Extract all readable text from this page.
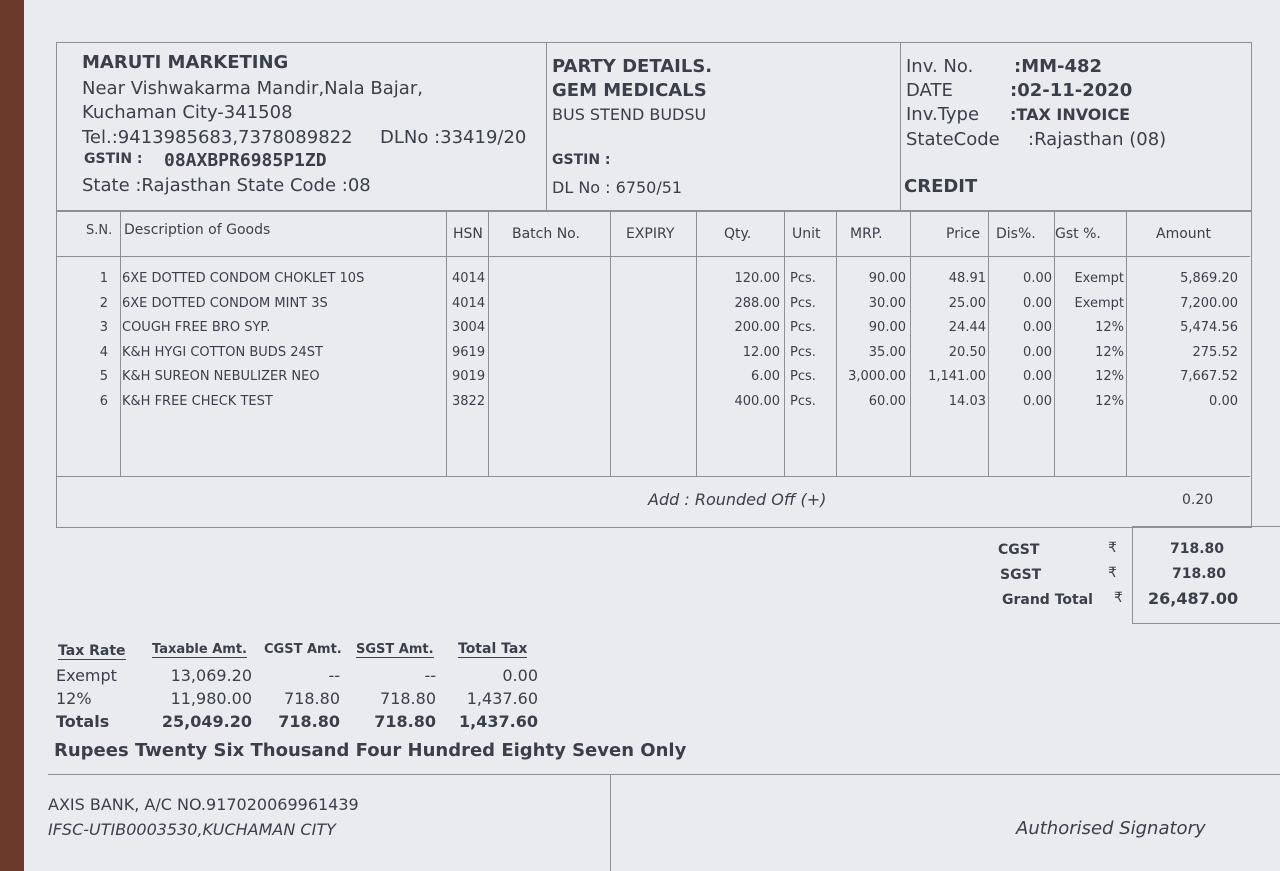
MARUTI MARKETING
Near Vishwakarma Mandir,Nala Bajar,
Kuchaman City-341508
Tel.:9413985683,7378089822 DLNo :33419/20
GSTIN : 08AXBPR6985P1ZD
State :Rajasthan State Code :08
PARTY DETAILS.
GEM MEDICALS
BUS STEND BUDSU
GSTIN :
DL No : 6750/51
Inv. No. :MM-482
DATE	:02-11-2020
Inv.Type :TAX INVOICE
StateCode :Rajasthan (08)
CREDIT
S.N. Description of Goods	HSN Batch No.	EXPIRY	Qty.	Unit MRP.	Price Dis%. Gst %.	Amount
1 6XE DOTTED CONDOM CHOKLET 10S	4014	120.00 Pcs.	90.00	48.91	0.00	Exempt	5,869.20
2 6XE DOTTED CONDOM MINT 3S	4014	288.00 Pcs.	30.00	25.00	0.00	Exempt	7,200.00
3 COUGH FREE BRO SYP.	3004	200.00 Pcs.	90.00	24.44	0.00	12%	5,474.56
4 K&H HYGI COTTON BUDS 24ST	9619	12.00 Pcs.	35.00	20.50	0.00	12%	275.52
5 K&H SUREON NEBULIZER NEO	9019	6.00 Pcs.	3,000.00	1,141.00	0.00	12%	7,667.52
6 K&H FREE CHECK TEST	3822	400.00 Pcs.	60.00	14.03	0.00	12%	0.00
Add : Rounded Off (+)	0.20
CGST	₹	718.80
SGST	₹	718.80
Grand Total ₹ 26,487.00
Tax Rate Taxable Amt. CGST Amt. SGST Amt. Total Tax
Exempt	13,069.20	--	--	0.00
12%	11,980.00	718.80	718.80	1,437.60
Totals	25,049.20	718.80	718.80	1,437.60
Rupees Twenty Six Thousand Four Hundred Eighty Seven Only
AXIS BANK, A/C NO.917020069961439
IFSC-UTIB0003530,KUCHAMAN CITY	Authorised Signatory
